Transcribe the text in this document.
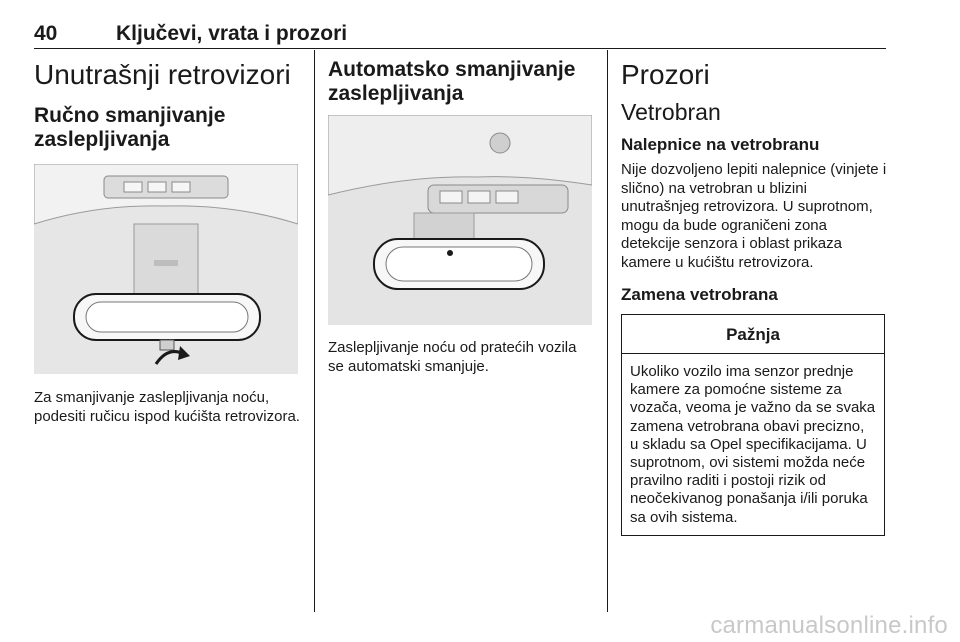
40	Ključevi, vrata i prozori
Unutrašnji retrovizori
Ručno smanjivanje zaslepljivanja

Za smanjivanje zaslepljivanja noću, podesiti ručicu ispod kućišta retrovizora.

Automatsko smanjivanje zaslepljivanja

Zaslepljivanje noću od pratećih vozila se automatski smanjuje.

Prozori
Vetrobran
Nalepnice na vetrobranu

Nije dozvoljeno lepiti nalepnice (vinjete i slično) na vetrobran u blizini unutrašnjeg retrovizora. U suprotnom, mogu da bude ograničeni zona detekcije senzora i oblast prikaza kamere u kućištu retrovizora.

Zamena vetrobrana
Pažnja
Ukoliko vozilo ima senzor prednje kamere za pomoćne sisteme za vozača, veoma je važno da se svaka zamena vetrobrana obavi precizno, u skladu sa Opel specifikacijama. U suprotnom, ovi sistemi možda neće pravilno raditi i postoji rizik od neočekivanog ponašanja i/ili poruka sa ovih sistema.
carmanualsonline.info
